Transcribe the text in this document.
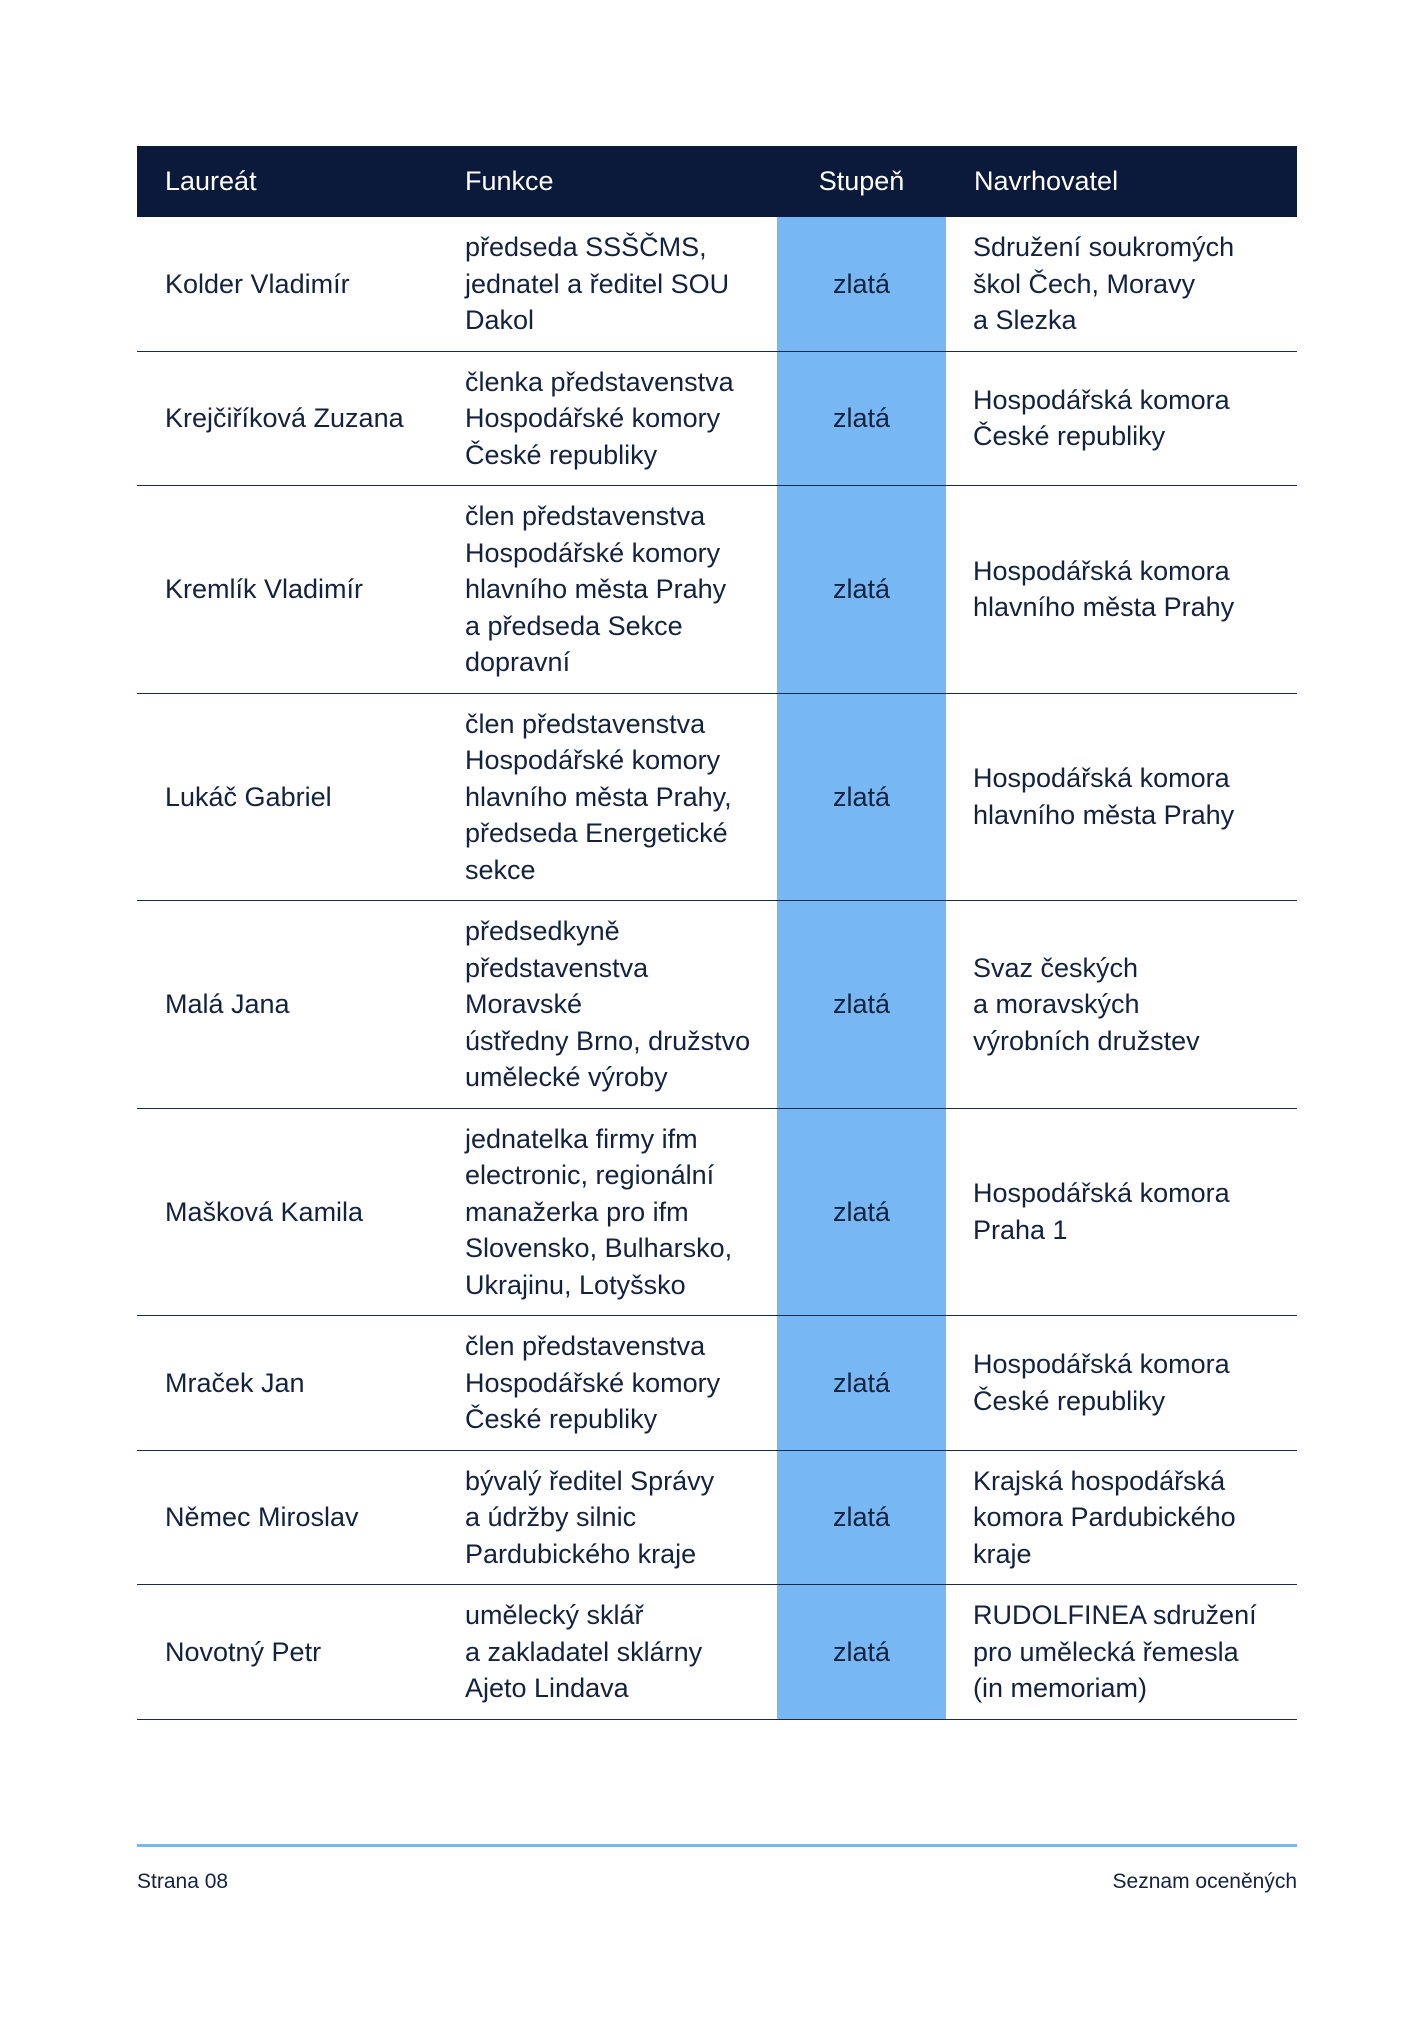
Laureát	Funkce	Stupeň	Navrhovatel
Kolder Vladimír	předseda SSŠČMS,
jednatel a ředitel SOU
Dakol	zlatá	Sdružení soukromých
škol Čech, Moravy
a Slezka
Krejčiříková Zuzana	členka představenstva
Hospodářské komory
České republiky	zlatá	Hospodářská komora
České republiky
Kremlík Vladimír	člen představenstva
Hospodářské komory
hlavního města Prahy
a předseda Sekce
dopravní	zlatá	Hospodářská komora
hlavního města Prahy
Lukáč Gabriel	člen představenstva
Hospodářské komory
hlavního města Prahy,
předseda Energetické
sekce	zlatá	Hospodářská komora
hlavního města Prahy
Malá Jana	předsedkyně
představenstva Moravské
ústředny Brno, družstvo
umělecké výroby	zlatá	Svaz českých
a moravských
výrobních družstev
Mašková Kamila	jednatelka firmy ifm
electronic, regionální
manažerka pro ifm
Slovensko, Bulharsko,
Ukrajinu, Lotyšsko	zlatá	Hospodářská komora
Praha 1
Mraček Jan	člen představenstva
Hospodářské komory
České republiky	zlatá	Hospodářská komora
České republiky
Němec Miroslav	bývalý ředitel Správy
a údržby silnic
Pardubického kraje	zlatá	Krajská hospodářská
komora Pardubického
kraje
Novotný Petr	umělecký sklář
a zakladatel sklárny
Ajeto Lindava	zlatá	RUDOLFINEA sdružení
pro umělecká řemesla
(in memoriam)
Strana 08	Seznam oceněných
